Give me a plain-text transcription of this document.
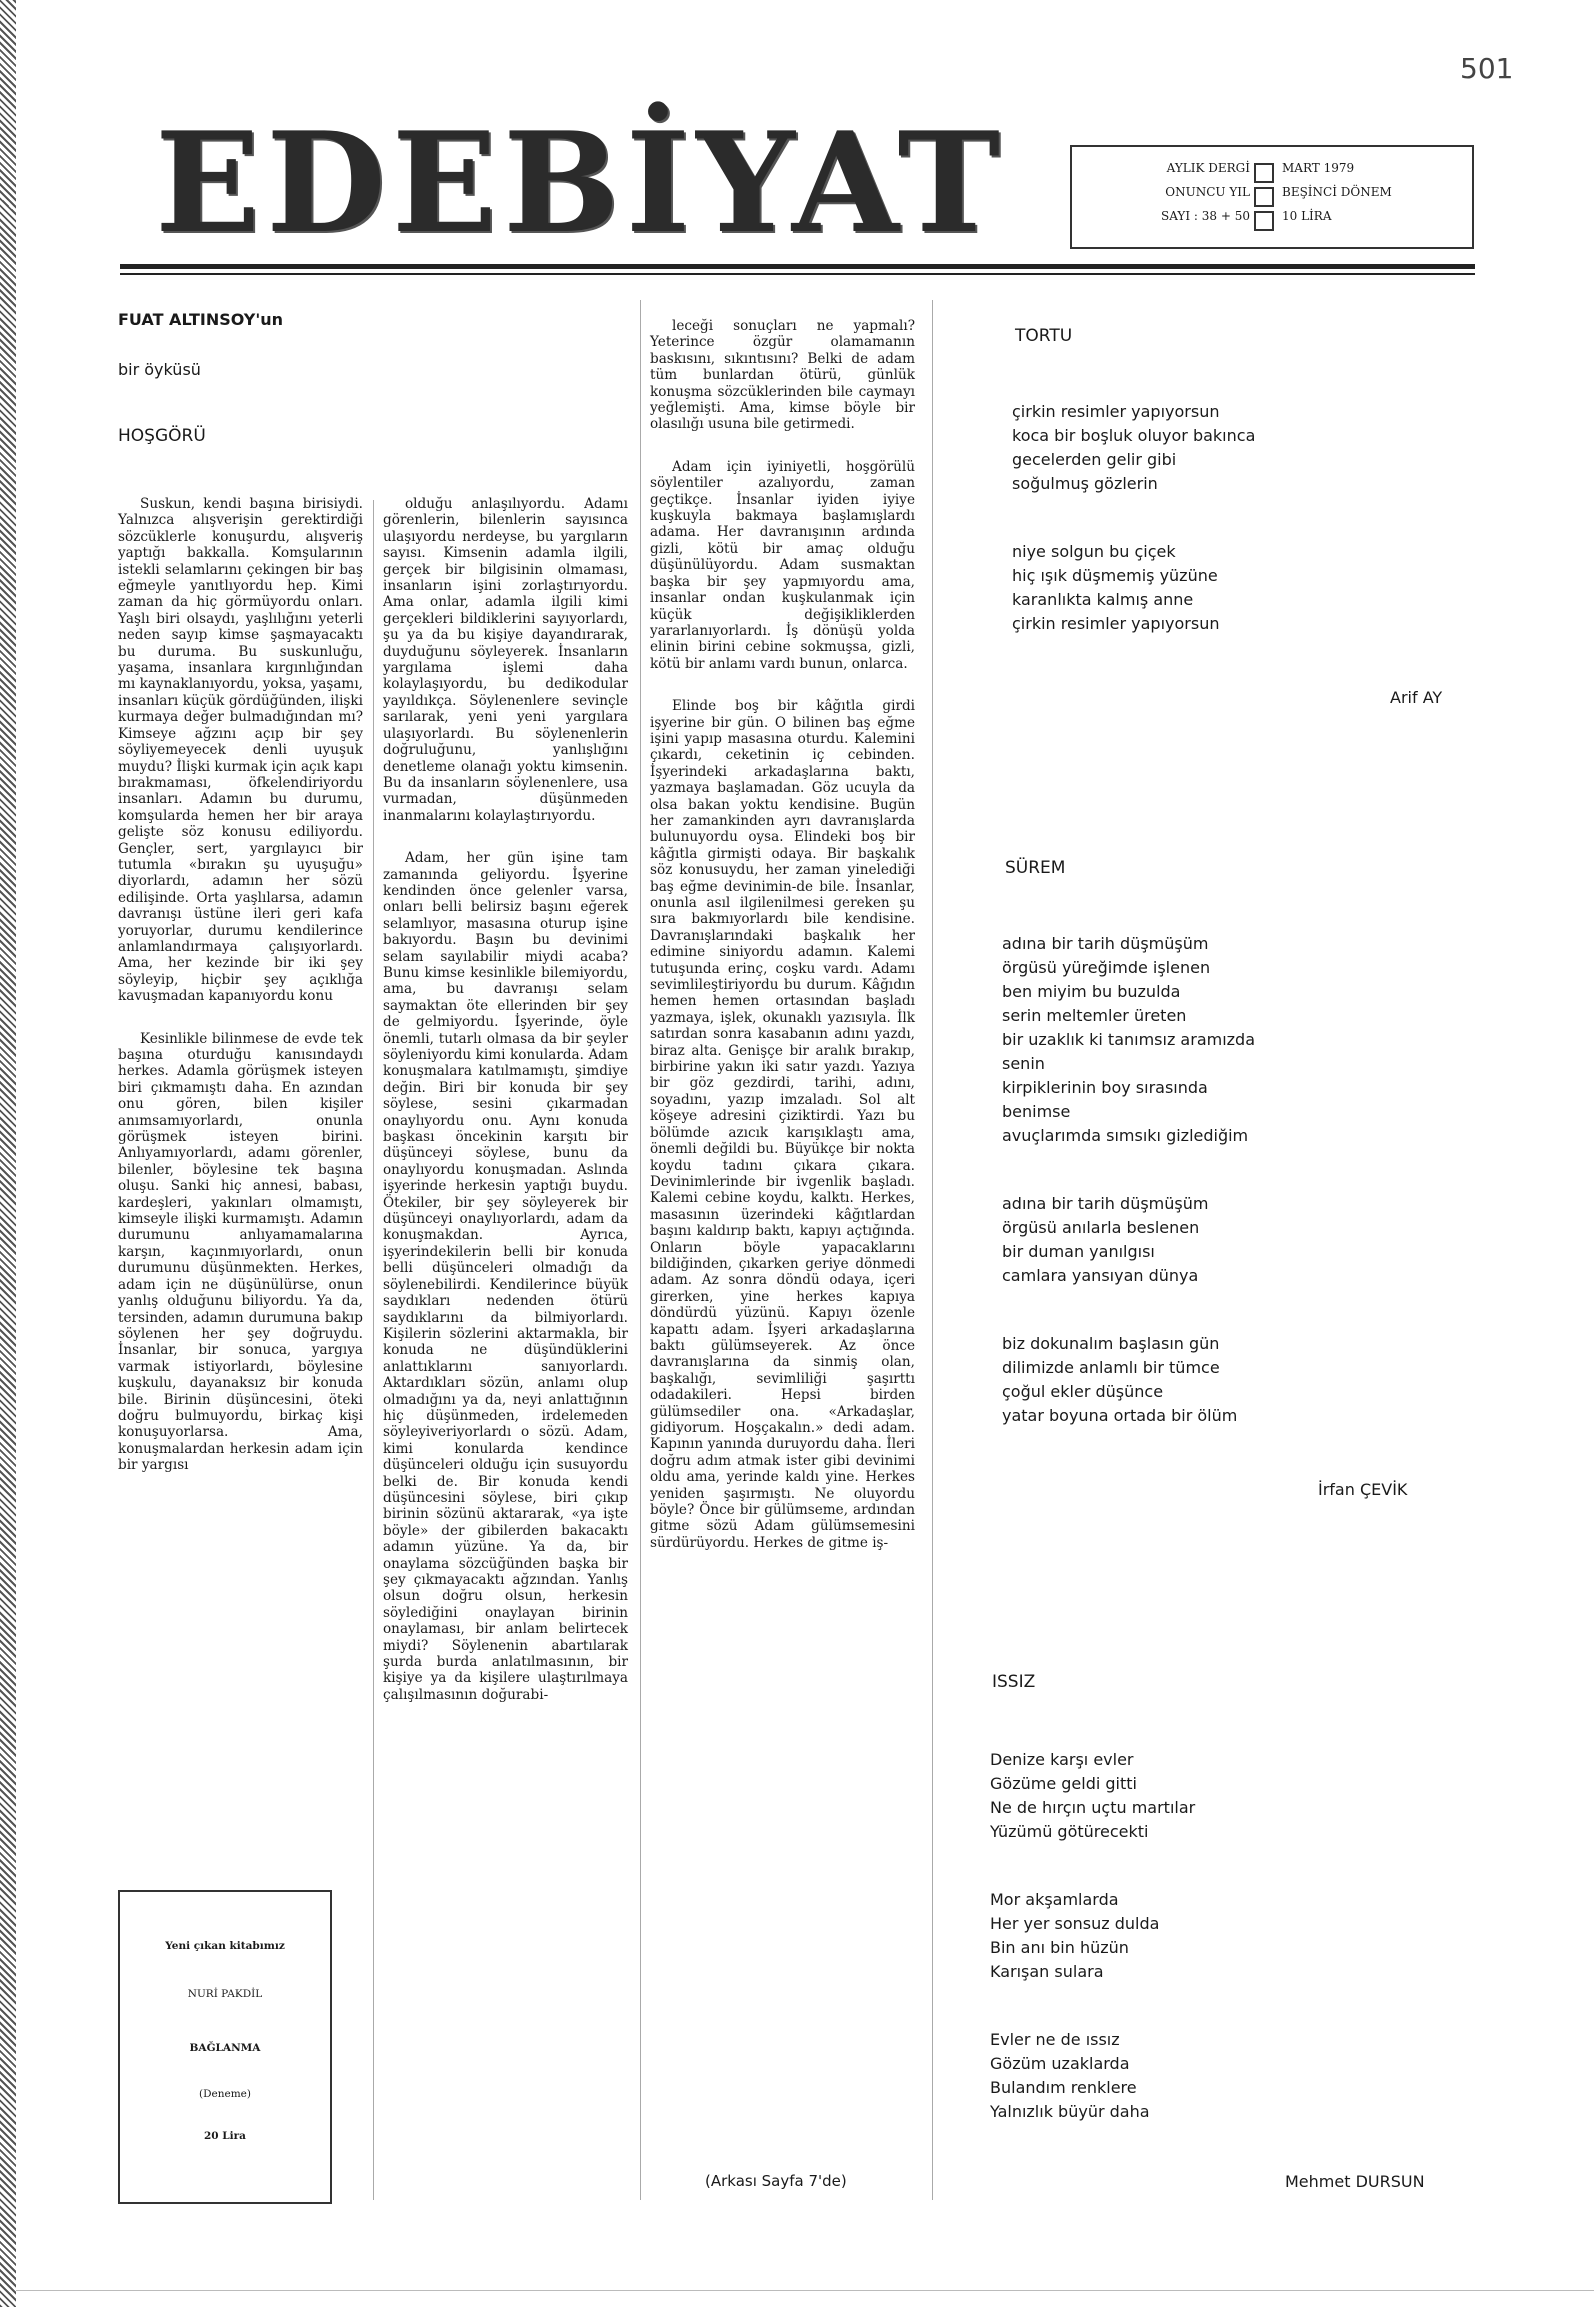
501
EDEBİYAT	AYLIK DERGİ	MART 1979
ONUNCU YIL	BEŞİNCİ DÖNEM
SAYI : 38 + 50	10 LİRA
FUAT ALTINSOY'un
bir öyküsü
HOŞGÖRÜ

Suskun, kendi başına birisiydi. Yalnızca alışverişin gerektirdiği sözcüklerle konuşurdu, alışveriş yaptığı bakkalla. Komşularının istekli selamlarını çekingen bir baş eğmeyle yanıtlıyordu hep. Kimi zaman da hiç görmüyordu onları. Yaşlı biri olsaydı, yaşlılığını yeterli neden sayıp kimse şaşmayacaktı bu duruma. Bu suskunluğu, yaşama, insanlara kırgınlığından mı kaynaklanıyordu, yoksa, yaşamı, insanları küçük gördüğünden, ilişki kurmaya değer bulmadığından mı? Kimseye ağzını açıp bir şey söyliyemeyecek denli uyuşuk muydu? İlişki kurmak için açık kapı bırakmaması, öfkelendiriyordu insanları. Adamın bu durumu, komşularda hemen her bir araya gelişte söz konusu ediliyordu. Gençler, sert, yargılayıcı bir tutumla «bırakın şu uyuşuğu» diyorlardı, adamın her sözü edilişinde. Orta yaşlılarsa, adamın davranışı üstüne ileri geri kafa yoruyorlar, durumu kendilerince anlamlandırmaya çalışıyorlardı. Ama, her kezinde bir iki şey söyleyip, hiçbir şey açıklığa kavuşmadan kapanıyordu konu

Kesinlikle bilinmese de evde tek başına oturduğu kanısındaydı herkes. Adamla görüşmek isteyen biri çıkmamıştı daha. En azından onu gören, bilen kişiler anımsamıyorlardı, onunla görüşmek isteyen birini. Anlıyamıyorlardı, adamı görenler, bilenler, böylesine tek başına oluşu. Sanki hiç annesi, babası, kardeşleri, yakınları olmamıştı, kimseyle ilişki kurmamıştı. Adamın durumunu anlıyamamalarına karşın, kaçınmıyorlardı, onun durumunu düşünmekten. Herkes, adam için ne düşünülürse, onun yanlış olduğunu biliyordu. Ya da, tersinden, adamın durumuna bakıp söylenen her şey doğruydu. İnsanlar, bir sonuca, yargıya varmak istiyorlardı, böylesine kuşkulu, dayanaksız bir konuda bile. Birinin düşüncesini, öteki doğru bulmuyordu, birkaç kişi konuşuyorlarsa. Ama, konuşmalardan herkesin adam için bir yargısı

Yeni çıkan kitabımız
NURİ PAKDİL
BAĞLANMA
(Deneme)
20 Lira

olduğu anlaşılıyordu. Adamı görenlerin, bilenlerin sayısınca ulaşıyordu nerdeyse, bu yargıların sayısı. Kimsenin adamla ilgili, gerçek bir bilgisinin olmaması, insanların işini zorlaştırıyordu. Ama onlar, adamla ilgili kimi gerçekleri bildiklerini sayıyorlardı, şu ya da bu kişiye dayandırarak, duyduğunu söyleyerek. İnsanların yargılama işlemi daha kolaylaşıyordu, bu dedikodular yayıldıkça. Söylenenlere sevinçle sarılarak, yeni yeni yargılara ulaşıyorlardı. Bu söylenenlerin doğruluğunu, yanlışlığını denetleme olanağı yoktu kimsenin. Bu da insanların söylenenlere, usa vurmadan, düşünmeden inanmalarını kolaylaştırıyordu.

Adam, her gün işine tam zamanında geliyordu. İşyerine kendinden önce gelenler varsa, onları belli belirsiz başını eğerek selamlıyor, masasına oturup işine bakıyordu. Başın bu devinimi selam sayılabilir miydi acaba? Bunu kimse kesinlikle bilemiyordu, ama, bu davranışı selam saymaktan öte ellerinden bir şey de gelmiyordu. İşyerinde, öyle önemli, tutarlı olmasa da bir şeyler söyleniyordu kimi konularda. Adam konuşmalara katılmamıştı, şimdiye değin. Biri bir konuda bir şey söylese, sesini çıkarmadan onaylıyordu onu. Aynı konuda başkası öncekinin karşıtı bir düşünceyi söylese, bunu da onaylıyordu konuşmadan. Aslında işyerinde herkesin yaptığı buydu. Ötekiler, bir şey söyleyerek bir düşünceyi onaylıyorlardı, adam da konuşmakdan. Ayrıca, işyerindekilerin belli bir konuda belli düşünceleri olmadığı da söylenebilirdi. Kendilerince büyük saydıkları nedenden ötürü saydıklarını da bilmiyorlardı. Kişilerin sözlerini aktarmakla, bir konuda ne düşündüklerini anlattıklarını sanıyorlardı. Aktardıkları sözün, anlamı olup olmadığını ya da, neyi anlattığının hiç düşünmeden, irdelemeden söyleyiveriyorlardı o sözü. Adam, kimi konularda kendince düşünceleri olduğu için susuyordu belki de. Bir konuda kendi düşüncesini söylese, biri çıkıp birinin sözünü aktararak, «ya işte böyle» der gibilerden bakacaktı adamın yüzüne. Ya da, bir onaylama sözcüğünden başka bir şey çıkmayacaktı ağzından. Yanlış olsun doğru olsun, herkesin söylediğini onaylayan birinin onaylaması, bir anlam belirtecek miydi? Söylenenin abartılarak şurda burda anlatılmasının, bir kişiye ya da kişilere ulaştırılmaya çalışılmasının doğurabi-

leceği sonuçları ne yapmalı? Yeterince özgür olamamanın baskısını, sıkıntısını? Belki de adam tüm bunlardan ötürü, günlük konuşma sözcüklerinden bile caymayı yeğlemişti. Ama, kimse böyle bir olasılığı usuna bile getirmedi.

Adam için iyiniyetli, hoşgörülü söylentiler azalıyordu, zaman geçtikçe. İnsanlar iyiden iyiye kuşkuyla bakmaya başlamışlardı adama. Her davranışının ardında gizli, kötü bir amaç olduğu düşünülüyordu. Adam susmaktan başka bir şey yapmıyordu ama, insanlar ondan kuşkulanmak için küçük değişikliklerden yararlanıyorlardı. İş dönüşü yolda elinin birini cebine sokmuşsa, gizli, kötü bir anlamı vardı bunun, onlarca.

Elinde boş bir kâğıtla girdi işyerine bir gün. O bilinen baş eğme işini yapıp masasına oturdu. Kalemini çıkardı, ceketinin iç cebinden. İşyerindeki arkadaşlarına baktı, yazmaya başlamadan. Göz ucuyla da olsa bakan yoktu kendisine. Bugün her zamankinden ayrı davranışlarda bulunuyordu oysa. Elindeki boş bir kâğıtla girmişti odaya. Bir başkalık söz konusuydu, her zaman yinelediği baş eğme devinimin-de bile. İnsanlar, onunla asıl ilgilenilmesi gereken şu sıra bakmıyorlardı bile kendisine. Davranışlarındaki başkalık her edimine siniyordu adamın. Kalemi tutuşunda erinç, coşku vardı. Adamı sevimlileştiriyordu bu durum. Kâğıdın hemen hemen ortasından başladı yazmaya, işlek, okunaklı yazısıyla. İlk satırdan sonra kasabanın adını yazdı, biraz alta. Genişçe bir aralık bırakıp, birbirine yakın iki satır yazdı. Yazıya bir göz gezdirdi, tarihi, adını, soyadını, yazıp imzaladı. Sol alt köşeye adresini çiziktirdi. Yazı bu bölümde azıcık karışıklaştı ama, önemli değildi bu. Büyükçe bir nokta koydu tadını çıkara çıkara. Devinimlerinde bir ivgenlik başladı. Kalemi cebine koydu, kalktı. Herkes, masasının üzerindeki kâğıtlardan başını kaldırıp baktı, kapıyı açtığında. Onların böyle yapacaklarını bildiğinden, çıkarken geriye dönmedi adam. Az sonra döndü odaya, içeri girerken, yine herkes kapıya döndürdü yüzünü. Kapıyı özenle kapattı adam. İşyeri arkadaşlarına baktı gülümseyerek. Az önce davranışlarına da sinmiş olan, başkalığı, sevimliliği şaşırttı odadakileri. Hepsi birden gülümsediler ona. «Arkadaşlar, gidiyorum. Hoşçakalın.» dedi adam. Kapının yanında duruyordu daha. İleri doğru adım atmak ister gibi devinimi oldu ama, yerinde kaldı yine. Herkes yeniden şaşırmıştı. Ne oluyordu böyle? Önce bir gülümseme, ardından gitme sözü Adam gülümsemesini sürdürüyordu. Herkes de gitme iş-

(Arkası Sayfa 7'de)
TORTU
çirkin resimler yapıyorsun
koca bir boşluk oluyor bakınca
gecelerden gelir gibi
soğulmuş gözlerin
niye solgun bu çiçek
hiç ışık düşmemiş yüzüne
karanlıkta kalmış anne
çirkin resimler yapıyorsun
Arif AY
SÜREM
adına bir tarih düşmüşüm
örgüsü yüreğimde işlenen
ben miyim bu buzulda
serin meltemler üreten
bir uzaklık ki tanımsız aramızda
senin
kirpiklerinin boy sırasında
benimse
avuçlarımda sımsıkı gizlediğim
adına bir tarih düşmüşüm
örgüsü anılarla beslenen
bir duman yanılgısı
camlara yansıyan dünya
biz dokunalım başlasın gün
dilimizde anlamlı bir tümce
çoğul ekler düşünce
yatar boyuna ortada bir ölüm
İrfan ÇEVİK
ISSIZ
Denize karşı evler
Gözüme geldi gitti
Ne de hırçın uçtu martılar
Yüzümü götürecekti
Mor akşamlarda
Her yer sonsuz dulda
Bin anı bin hüzün
Karışan sulara
Evler ne de ıssız
Gözüm uzaklarda
Bulandım renklere
Yalnızlık büyür daha
Mehmet DURSUN
